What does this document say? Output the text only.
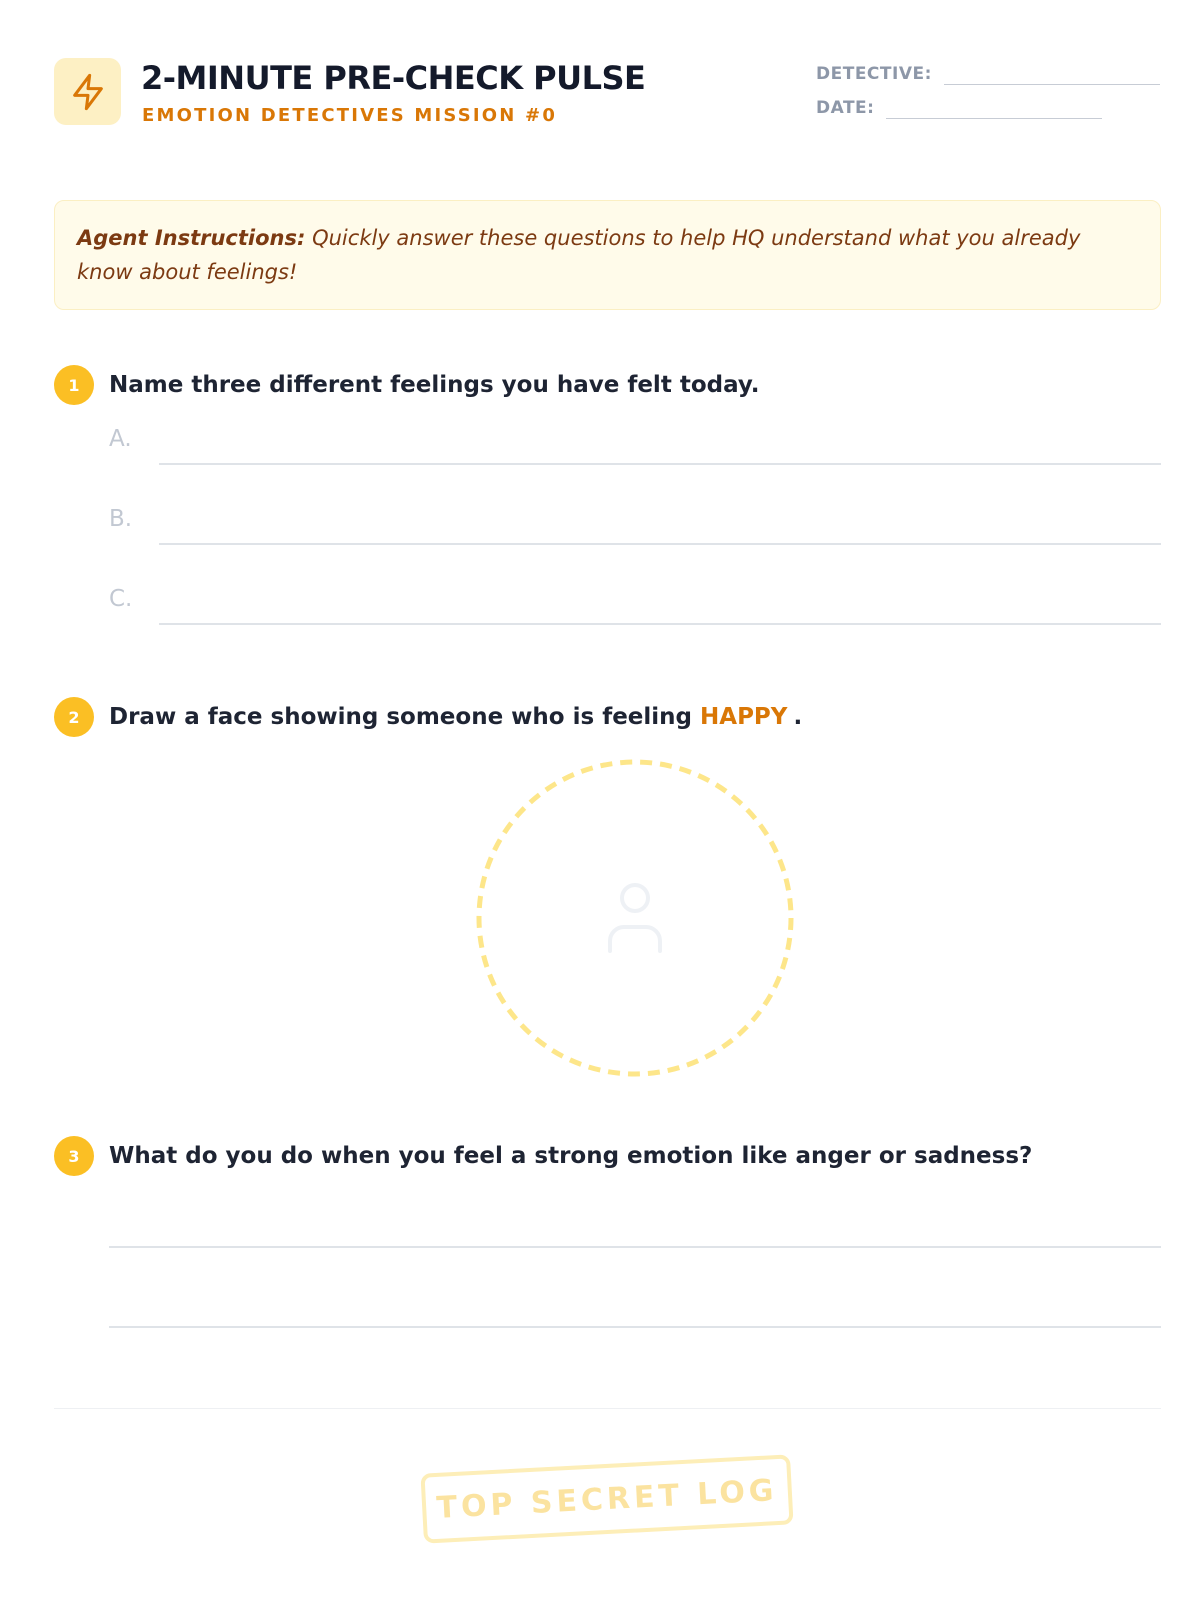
2-MINUTE PRE-CHECK PULSE
EMOTION DETECTIVES MISSION #0
DETECTIVE:
DATE:

Agent Instructions: Quickly answer these questions to help HQ understand what you already know about feelings!

1	Name three different feelings you have felt today.
A.
B.
C.
2	Draw a face showing someone who is feeling HAPPY .
3	What do you do when you feel a strong emotion like anger or sadness?
TOP SECRET LOG
